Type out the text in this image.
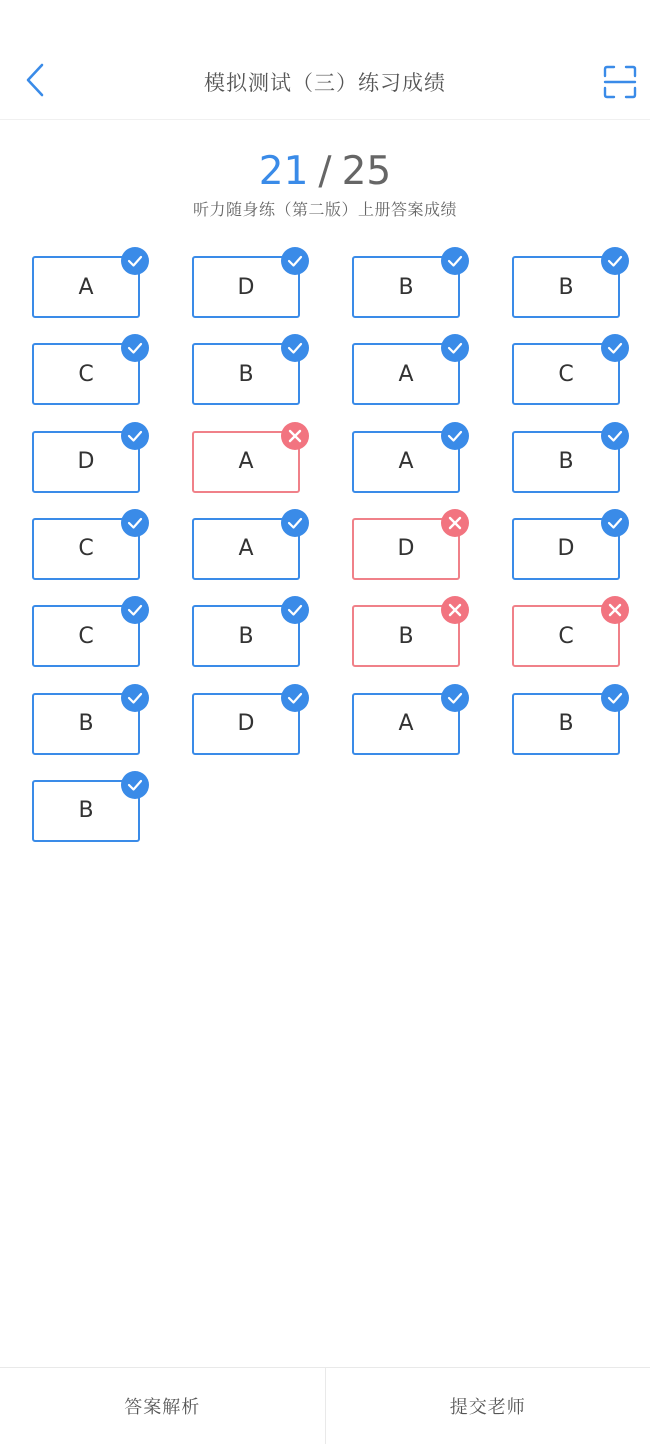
模拟测试（三）练习成绩
21 / 25
听力随身练（第二版）上册答案成绩
A	D	B	B
C	B	A	C
D	A	A	B
C	A	D	D
C	B	B	C
B	D	A	B
B
答案解析	提交老师
